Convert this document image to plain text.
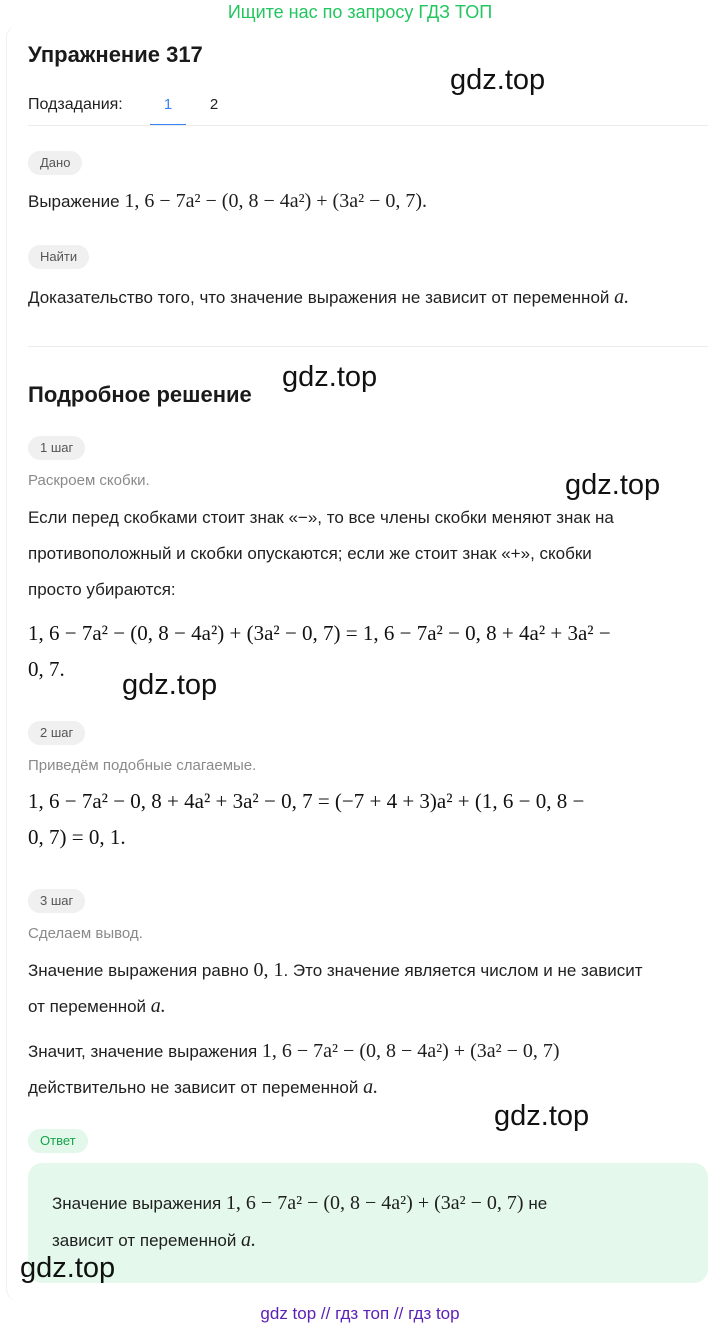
Ищите нас по запросу ГДЗ ТОП
Упражнение 317
Подзадания:	1	2
Дано
Выражение 1, 6 − 7a² − (0, 8 − 4a²) + (3a² − 0, 7).
Найти
Доказательство того, что значение выражения не зависит от переменной a.
Подробное решение
1 шаг
Раскроем скобки.
Если перед скобками стоит знак «−», то все члены скобки меняют знак на
противоположный и скобки опускаются; если же стоит знак «+», скобки
просто убираются:
1, 6 − 7a² − (0, 8 − 4a²) + (3a² − 0, 7) = 1, 6 − 7a² − 0, 8 + 4a² + 3a² −
0, 7.
2 шаг
Приведём подобные слагаемые.
1, 6 − 7a² − 0, 8 + 4a² + 3a² − 0, 7 = (−7 + 4 + 3)a² + (1, 6 − 0, 8 −
0, 7) = 0, 1.
3 шаг
Сделаем вывод.
Значение выражения равно 0, 1. Это значение является числом и не зависит
от переменной a.
Значит, значение выражения 1, 6 − 7a² − (0, 8 − 4a²) + (3a² − 0, 7)
действительно не зависит от переменной a.
Ответ
Значение выражения 1, 6 − 7a² − (0, 8 − 4a²) + (3a² − 0, 7) не
зависит от переменной a.
gdz.top
gdz.top
gdz.top
gdz.top
gdz.top
gdz.top
gdz top // гдз топ // гдз top
